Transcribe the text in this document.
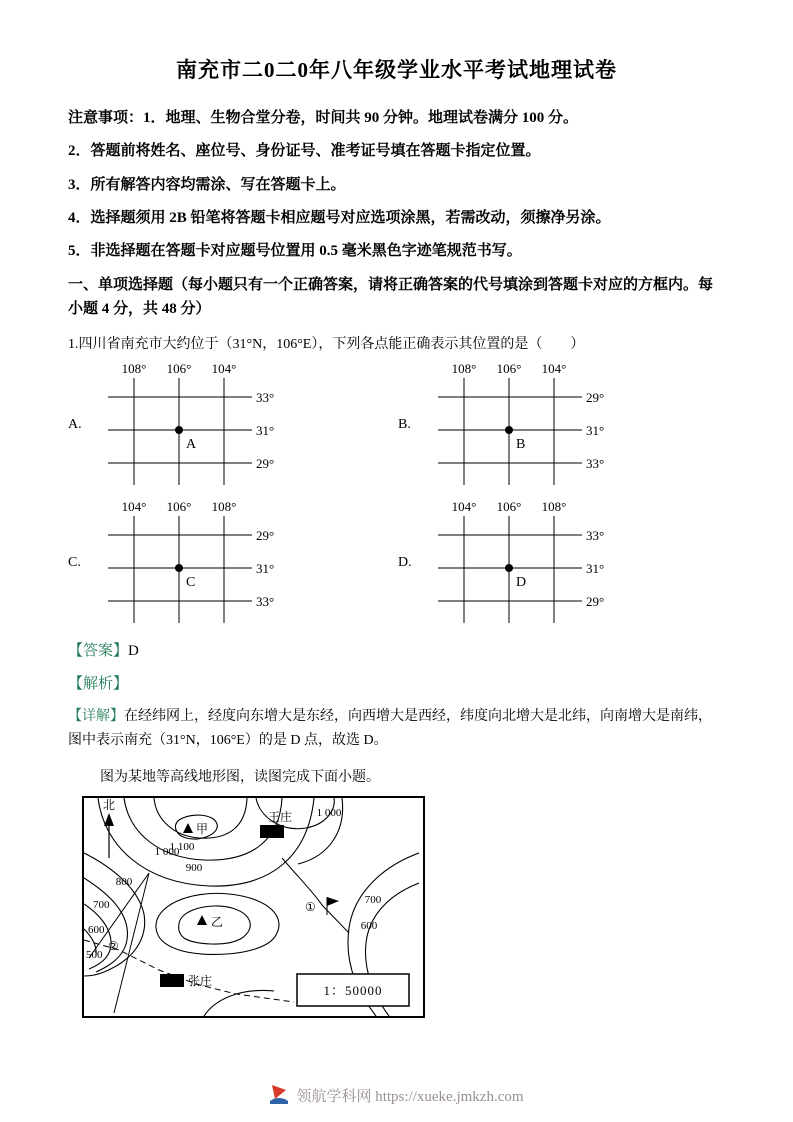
南充市二0二0年八年级学业水平考试地理试卷

注意事项：1．地理、生物合堂分卷，时间共 90 分钟。地理试卷满分 100 分。

2．答题前将姓名、座位号、身份证号、准考证号填在答题卡指定位置。

3．所有解答内容均需涂、写在答题卡上。

4．选择题须用 2B 铅笔将答题卡相应题号对应选项涂黑，若需改动，须擦净另涂。

5．非选择题在答题卡对应题号位置用 0.5 毫米黑色字迹笔规范书写。

一、单项选择题（每小题只有一个正确答案，请将正确答案的代号填涂到答题卡对应的方框内。每小题 4 分，共 48 分）

1.四川省南充市大约位于（31°N，106°E），下列各点能正确表示其位置的是（　　）

A.
108° 106° 104°
33°
31°
29°
A
B.
108° 106° 104°
29°
31°
33°
B
C.
104° 106° 108°
29°
31°
33°
C
D.
104° 106° 108°
33°
31°
29°
D

【答案】D

【解析】

【详解】在经纬网上，经度向东增大是东经，向西增大是西经，纬度向北增大是北纬，向南增大是南纬，图中表示南充（31°N，106°E）的是 D 点，故选 D。

图为某地等高线地形图，读图完成下面小题。

北
甲
1 100
王庄 1 000
1 000
900
800
700
600
500
700
600
乙
①
②
张庄
1：50000
领航学科网 https://xueke.jmkzh.com
